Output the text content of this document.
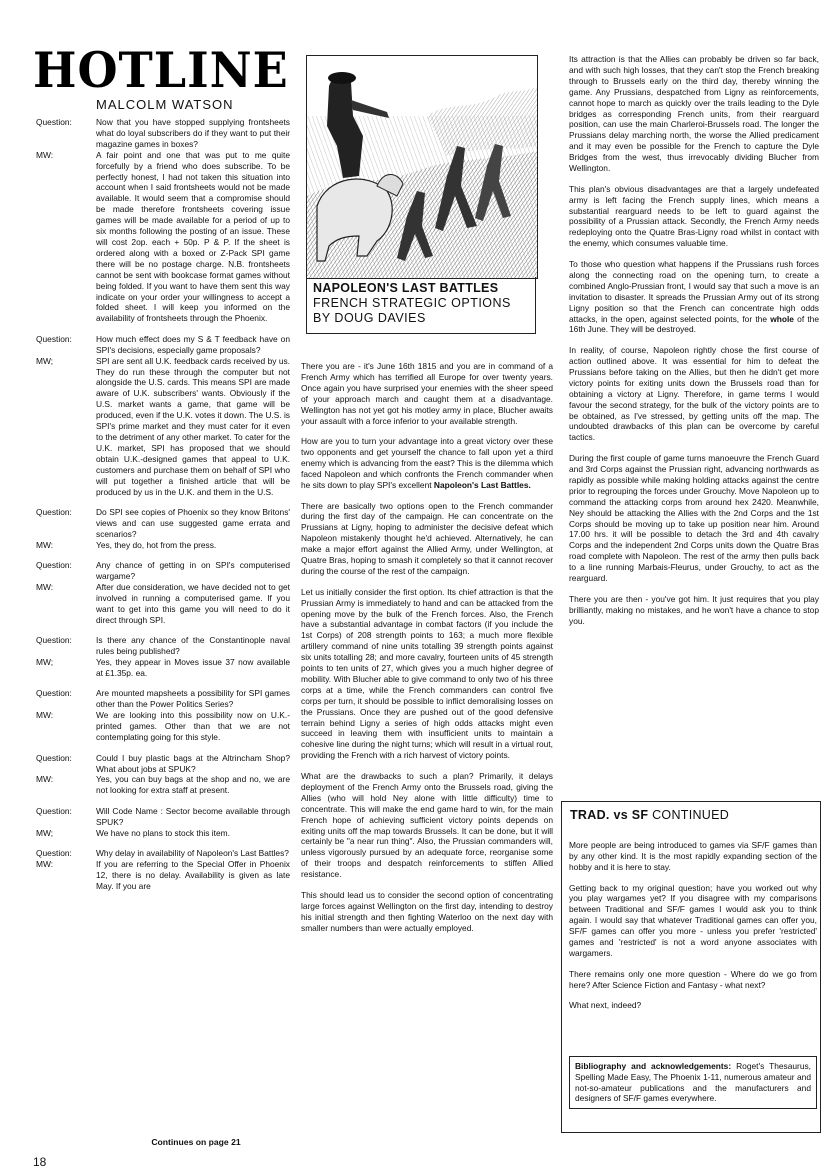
HOTLINE
MALCOLM WATSON
Question:	Now that you have stopped supplying frontsheets what do loyal subscribers do if they want to put their magazine games in boxes?
MW:	A fair point and one that was put to me quite forcefully by a friend who does subscribe. To be perfectly honest, I had not taken this situation into account when I said frontsheets would not be made available. It would seem that a compromise should be made therefore frontsheets covering issue games will be made available for a period of up to six months following the posting of an issue. These will cost 2op. each + 50p. P & P. If the sheet is ordered along with a boxed or Z-Pack SPI game there will be no postage charge. N.B. frontsheets cannot be sent with bookcase format games without being folded. If you want to have them sent this way indicate on your order your willingness to accept a folded sheet. I will keep you informed on the availability of frontsheets through the Phoenix.
Question:	How much effect does my S & T feedback have on SPI's decisions, especially game proposals?
MW;	SPI are sent all U.K. feedback cards received by us. They do run these through the computer but not alongside the U.S. cards. This means SPI are made aware of U.K. subscribers' wants. Obviously if the U.S. market wants a game, that game will be produced, even if the U.K. votes it down. The U.S. is SPI's prime market and they must cater for it even to the detriment of any other market. To cater for the U.K. market, SPI has proposed that we should obtain U.K.-designed games that appeal to U.K. customers and purchase them on behalf of SPI who will put together a finished article that will be produced by us in the U.K. and them in the U.S.
Question:	Do SPI see copies of Phoenix so they know Britons' views and can use suggested game errata and scenarios?
MW:	Yes, they do, hot from the press.
Question:	Any chance of getting in on SPI's computerised wargame?
MW:	After due consideration, we have decided not to get involved in running a computerised game. If you want to get into this game you will need to do it direct through SPI.
Question:	Is there any chance of the Constantinople naval rules being published?
MW;	Yes, they appear in Moves issue 37 now available at £1.35p. ea.
Question:	Are mounted mapsheets a possibility for SPI games other than the Power Politics Series?
MW:	We are looking into this possibility now on U.K.-printed games. Other than that we are not contemplating going for this style.
Question:	Could I buy plastic bags at the Altrincham Shop? What about jobs at SPUK?
MW:	Yes, you can buy bags at the shop and no, we are not looking for extra staff at present.
Question:	Will Code Name : Sector become available through SPUK?
MW;	We have no plans to stock this item.
Question:	Why delay in availability of Napoleon's Last Battles?
MW:	If you are referring to the Special Offer in Phoenix 12, there is no delay. Availability is given as late May. If you are
Continues on page 21
18
NAPOLEON'S LAST BATTLES
FRENCH STRATEGIC OPTIONS
BY DOUG DAVIES

There you are - it's June 16th 1815 and you are in command of a French Army which has terrified all Europe for over twenty years. Once again you have surprised your enemies with the sheer speed of your approach march and caught them at a disadvantage. Wellington has not yet got his motley army in place, Blucher awaits your assault with a force inferior to your available strength.

How are you to turn your advantage into a great victory over these two opponents and get yourself the chance to fall upon yet a third enemy which is advancing from the east? This is the dilemma which faced Napoleon and which confronts the French commander when he sits down to play SPI's excellent Napoleon's Last Battles.

There are basically two options open to the French commander during the first day of the campaign. He can concentrate on the Prussians at Ligny, hoping to administer the decisive defeat which Napoleon mistakenly thought he'd achieved. Alternatively, he can make a major effort against the Allied Army, under Wellington, at Quatre Bras, hoping to smash it completely so that it cannot recover during the course of the rest of the campaign.

Let us initially consider the first option. Its chief attraction is that the Prussian Army is immediately to hand and can be attacked from the opening move by the bulk of the French forces. Also, the French have a substantial advantage in combat factors (if you include the 1st Corps) of 208 strength points to 163; a much more flexible artillery command of nine units totalling 39 strength points against six units totalling 28; and more cavalry, fourteen units of 45 strength points to ten units of 27, which gives you a much higher degree of mobility. With Blucher able to give command to only two of his three corps at a time, while the French commanders can control five corps per turn, it should be possible to inflict demoralising losses on the Prussians. Once they are pushed out of the good defensive terrain behind Ligny a series of high odds attacks might even succeed in leaving them with insufficient units to maintain a cohesive line during the night turns; which will result in a virtual rout, providing the French with a rich harvest of victory points.

What are the drawbacks to such a plan? Primarily, it delays deployment of the French Army onto the Brussels road, giving the Allies (who will hold Ney alone with little difficulty) time to concentrate. This will make the end game hard to win, for the main French hope of achieving sufficient victory points depends on exiting units off the map towards Brussels. It can be done, but it will certainly be "a near run thing". Also, the Prussian commanders will, unless vigorously pursued by an adequate force, reorganise some of their troops and despatch reinforcements to stiffen Allied resistance.

This should lead us to consider the second option of concentrating large forces against Wellington on the first day, intending to destroy his initial strength and then fighting Waterloo on the next day with smaller numbers than were actually employed.

Its attraction is that the Allies can probably be driven so far back, and with such high losses, that they can't stop the French breaking through to Brussels early on the third day, thereby winning the game. Any Prussians, despatched from Ligny as reinforcements, cannot hope to march as quickly over the trails leading to the Dyle bridges as corresponding French units, from their rearguard position, can use the main Charleroi-Brussels road. The longer the Prussians delay marching north, the worse the Allied predicament and it may even be possible for the French to capture the Dyle Bridges from the west, thus irrevocably dividing Blucher from Wellington.

This plan's obvious disadvantages are that a largely undefeated army is left facing the French supply lines, which means a substantial rearguard needs to be left to guard against the possibility of a Prussian attack. Secondly, the French Army needs redeploying onto the Quatre Bras-Ligny road whilst in contact with the enemy, which consumes valuable time.

To those who question what happens if the Prussians rush forces along the connecting road on the opening turn, to create a combined Anglo-Prussian front, I would say that such a move is an invitation to disaster. It spreads the Prussian Army out of its strong Ligny position so that the French can concentrate high odds attacks, in the open, against selected points, for the whole of the 16th June. They will be destroyed.

In reality, of course, Napoleon rightly chose the first course of action outlined above. It was essential for him to defeat the Prussians before taking on the Allies, but then he didn't get more victory points for exiting units down the Brussels road than for obtaining a victory at Ligny. Therefore, in game terms I would favour the second strategy, for the bulk of the victory points are to be obtained, as I've stressed, by getting units off the map. The undoubted drawbacks of this plan can be overcome by careful tactics.

During the first couple of game turns manoeuvre the French Guard and 3rd Corps against the Prussian right, advancing northwards as rapidly as possible while making holding attacks against the centre prior to regrouping the forces under Grouchy. Move Napoleon up to command the attacking corps from around hex 2420. Meanwhile, Ney should be attacking the Allies with the 2nd Corps and the 1st Corps should be moving up to take up position near him. Around 17.00 hrs. it will be possible to detach the 3rd and 4th cavalry Corps and the independent 2nd Corps units down the Quatre Bras road complete with Napoleon. The rest of the army then pulls back to a line running Marbais-Fleurus, under Grouchy, to act as the rearguard.

There you are then - you've got him. It just requires that you play brilliantly, making no mistakes, and he won't have a chance to stop you.

TRAD. vs SF CONTINUED

More people are being introduced to games via SF/F games than by any other kind. It is the most rapidly expanding section of the hobby and it is here to stay.

Getting back to my original question; have you worked out why you play wargames yet? If you disagree with my comparisons between Traditional and SF/F games I would ask you to think again. I would say that whatever Traditional games can offer you, SF/F games can offer you more - unless you prefer 'restricted' games and 'restricted' is not a word anyone associates with wargamers.

There remains only one more question - Where do we go from here? After Science Fiction and Fantasy - what next?

What next, indeed?

Bibliography and acknowledgements: Roget's Thesaurus, Spelling Made Easy, The Phoenix 1-11, numerous amateur and not-so-amateur publications and the manufacturers and designers of SF/F games everywhere.
